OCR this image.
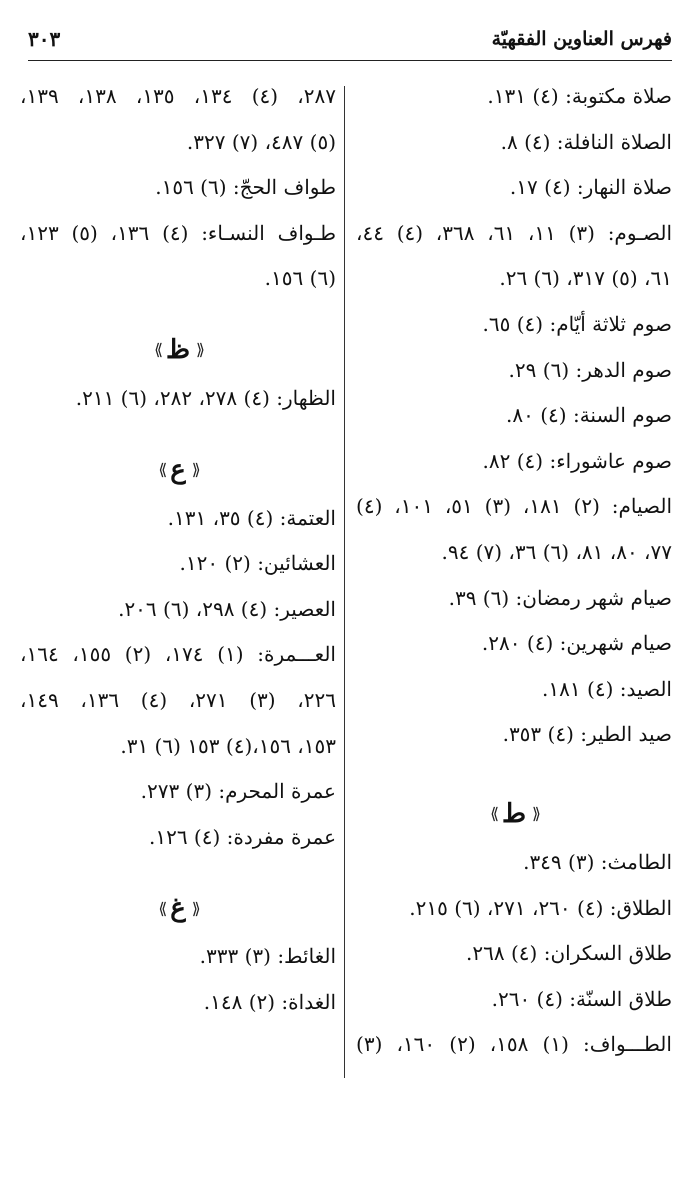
٣٠٣	فهرس العناوين الفقهيّة
صلاة مكتوبة: (٤) ١٣١.
الصلاة النافلة: (٤) ٨.
صلاة النهار: (٤) ١٧.
الصـوم: (٣) ١١، ٦١، ٣٦٨، (٤) ٤٤،
٦١، (٥) ٣١٧، (٦) ٢٦.
صوم ثلاثة أيّام: (٤) ٦٥.
صوم الدهر: (٦) ٢٩.
صوم السنة: (٤) ٨٠.
صوم عاشوراء: (٤) ٨٢.
الصيام: (٢) ١٨١، (٣) ٥١، ١٠١، (٤)
٧٧، ٨٠، ٨١، (٦) ٣٦، (٧) ٩٤.
صيام شهر رمضان: (٦) ٣٩.
صيام شهرين: (٤) ٢٨٠.
الصيد: (٤) ١٨١.
صيد الطير: (٤) ٣٥٣.
⟪ ط ⟫
الطامث: (٣) ٣٤٩.
الطلاق: (٤) ٢٦٠، ٢٧١، (٦) ٢١٥.
طلاق السكران: (٤) ٢٦٨.
طلاق السنّة: (٤) ٢٦٠.
الطـــواف: (١) ١٥٨، (٢) ١٦٠، (٣)
٢٨٧، (٤) ١٣٤، ١٣٥، ١٣٨، ١٣٩،
(٥) ٤٨٧، (٧) ٣٢٧.
طواف الحجّ: (٦) ١٥٦.
طـواف النسـاء: (٤) ١٣٦، (٥) ١٢٣،
(٦) ١٥٦.
⟪ ظ ⟫
الظهار: (٤) ٢٧٨، ٢٨٢، (٦) ٢١١.
⟪ ع ⟫
العتمة: (٤) ٣٥، ١٣١.
العشائين: (٢) ١٢٠.
العصير: (٤) ٢٩٨، (٦) ٢٠٦.
العـــمرة: (١) ١٧٤، (٢) ١٥٥، ١٦٤،
٢٢٦، (٣) ٢٧١، (٤) ١٣٦، ١٤٩،
١٥٣، ١٥٦،(٤) ١٥٣ (٦) ٣١.
عمرة المحرم: (٣) ٢٧٣.
عمرة مفردة: (٤) ١٢٦.
⟪ غ ⟫
الغائط: (٣) ٣٣٣.
الغداة: (٢) ١٤٨.
